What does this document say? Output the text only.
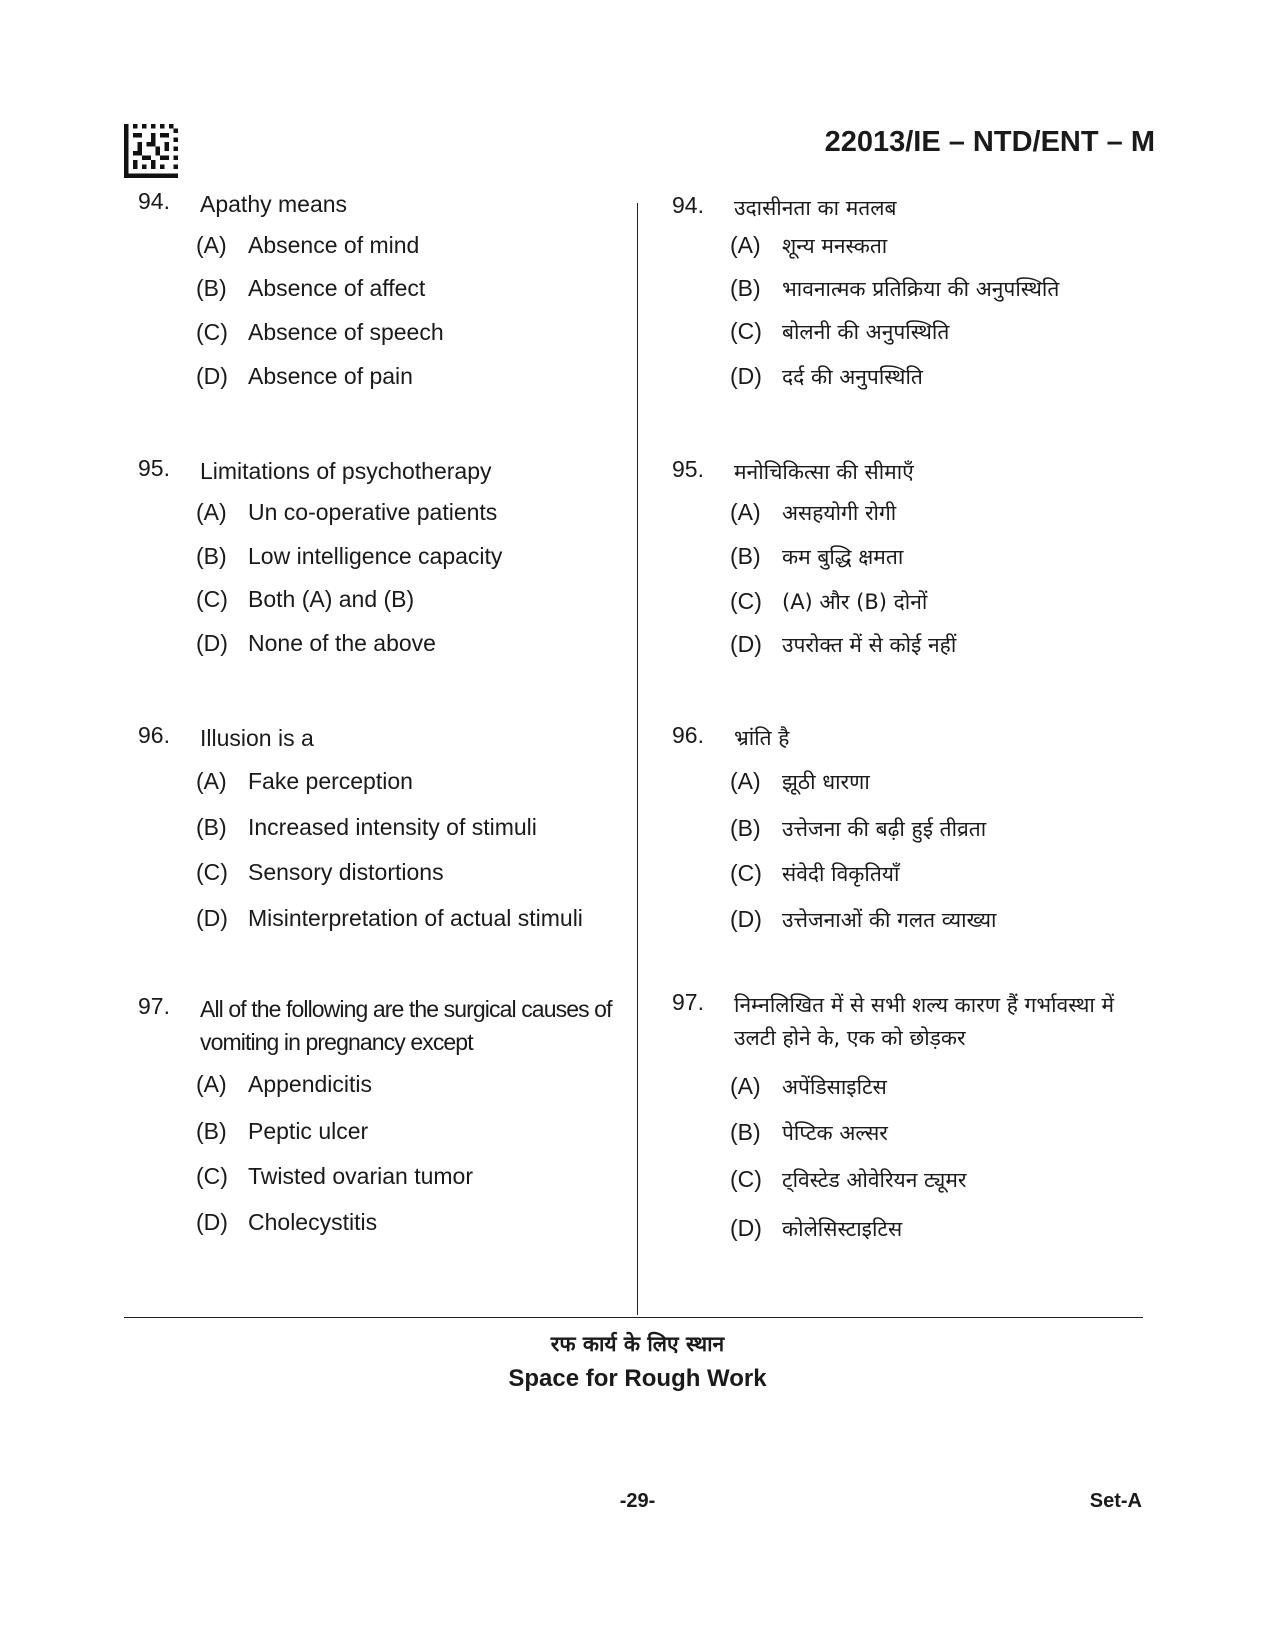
22013/IE – NTD/ENT – M
94. Apathy means
(A) Absence of mind
(B) Absence of affect
(C) Absence of speech
(D) Absence of pain
95. Limitations of psychotherapy
(A) Un co-operative patients
(B) Low intelligence capacity
(C) Both (A) and (B)
(D) None of the above
96. Illusion is a
(A) Fake perception
(B) Increased intensity of stimuli
(C) Sensory distortions
(D) Misinterpretation of actual stimuli
97. All of the following are the surgical causes of vomiting in pregnancy except
(A) Appendicitis
(B) Peptic ulcer
(C) Twisted ovarian tumor
(D) Cholecystitis
94. उदासीनता का मतलब
(A) शून्य मनस्कता
(B) भावनात्मक प्रतिक्रिया की अनुपस्थिति
(C) बोलनी की अनुपस्थिति
(D) दर्द की अनुपस्थिति
95. मनोचिकित्सा की सीमाएँ
(A) असहयोगी रोगी
(B) कम बुद्धि क्षमता
(C) (A) और (B) दोनों
(D) उपरोक्त में से कोई नहीं
96. भ्रांति है
(A) झूठी धारणा
(B) उत्तेजना की बढ़ी हुई तीव्रता
(C) संवेदी विकृतियाँ
(D) उत्तेजनाओं की गलत व्याख्या
97. निम्नलिखित में से सभी शल्य कारण हैं गर्भावस्था में उलटी होने के, एक को छोड़कर
(A) अपेंडिसाइटिस
(B) पेप्टिक अल्सर
(C) ट्विस्टेड ओवेरियन ट्यूमर
(D) कोलेसिस्टाइटिस
रफ कार्य के लिए स्थान
Space for Rough Work
-29-	Set-A
